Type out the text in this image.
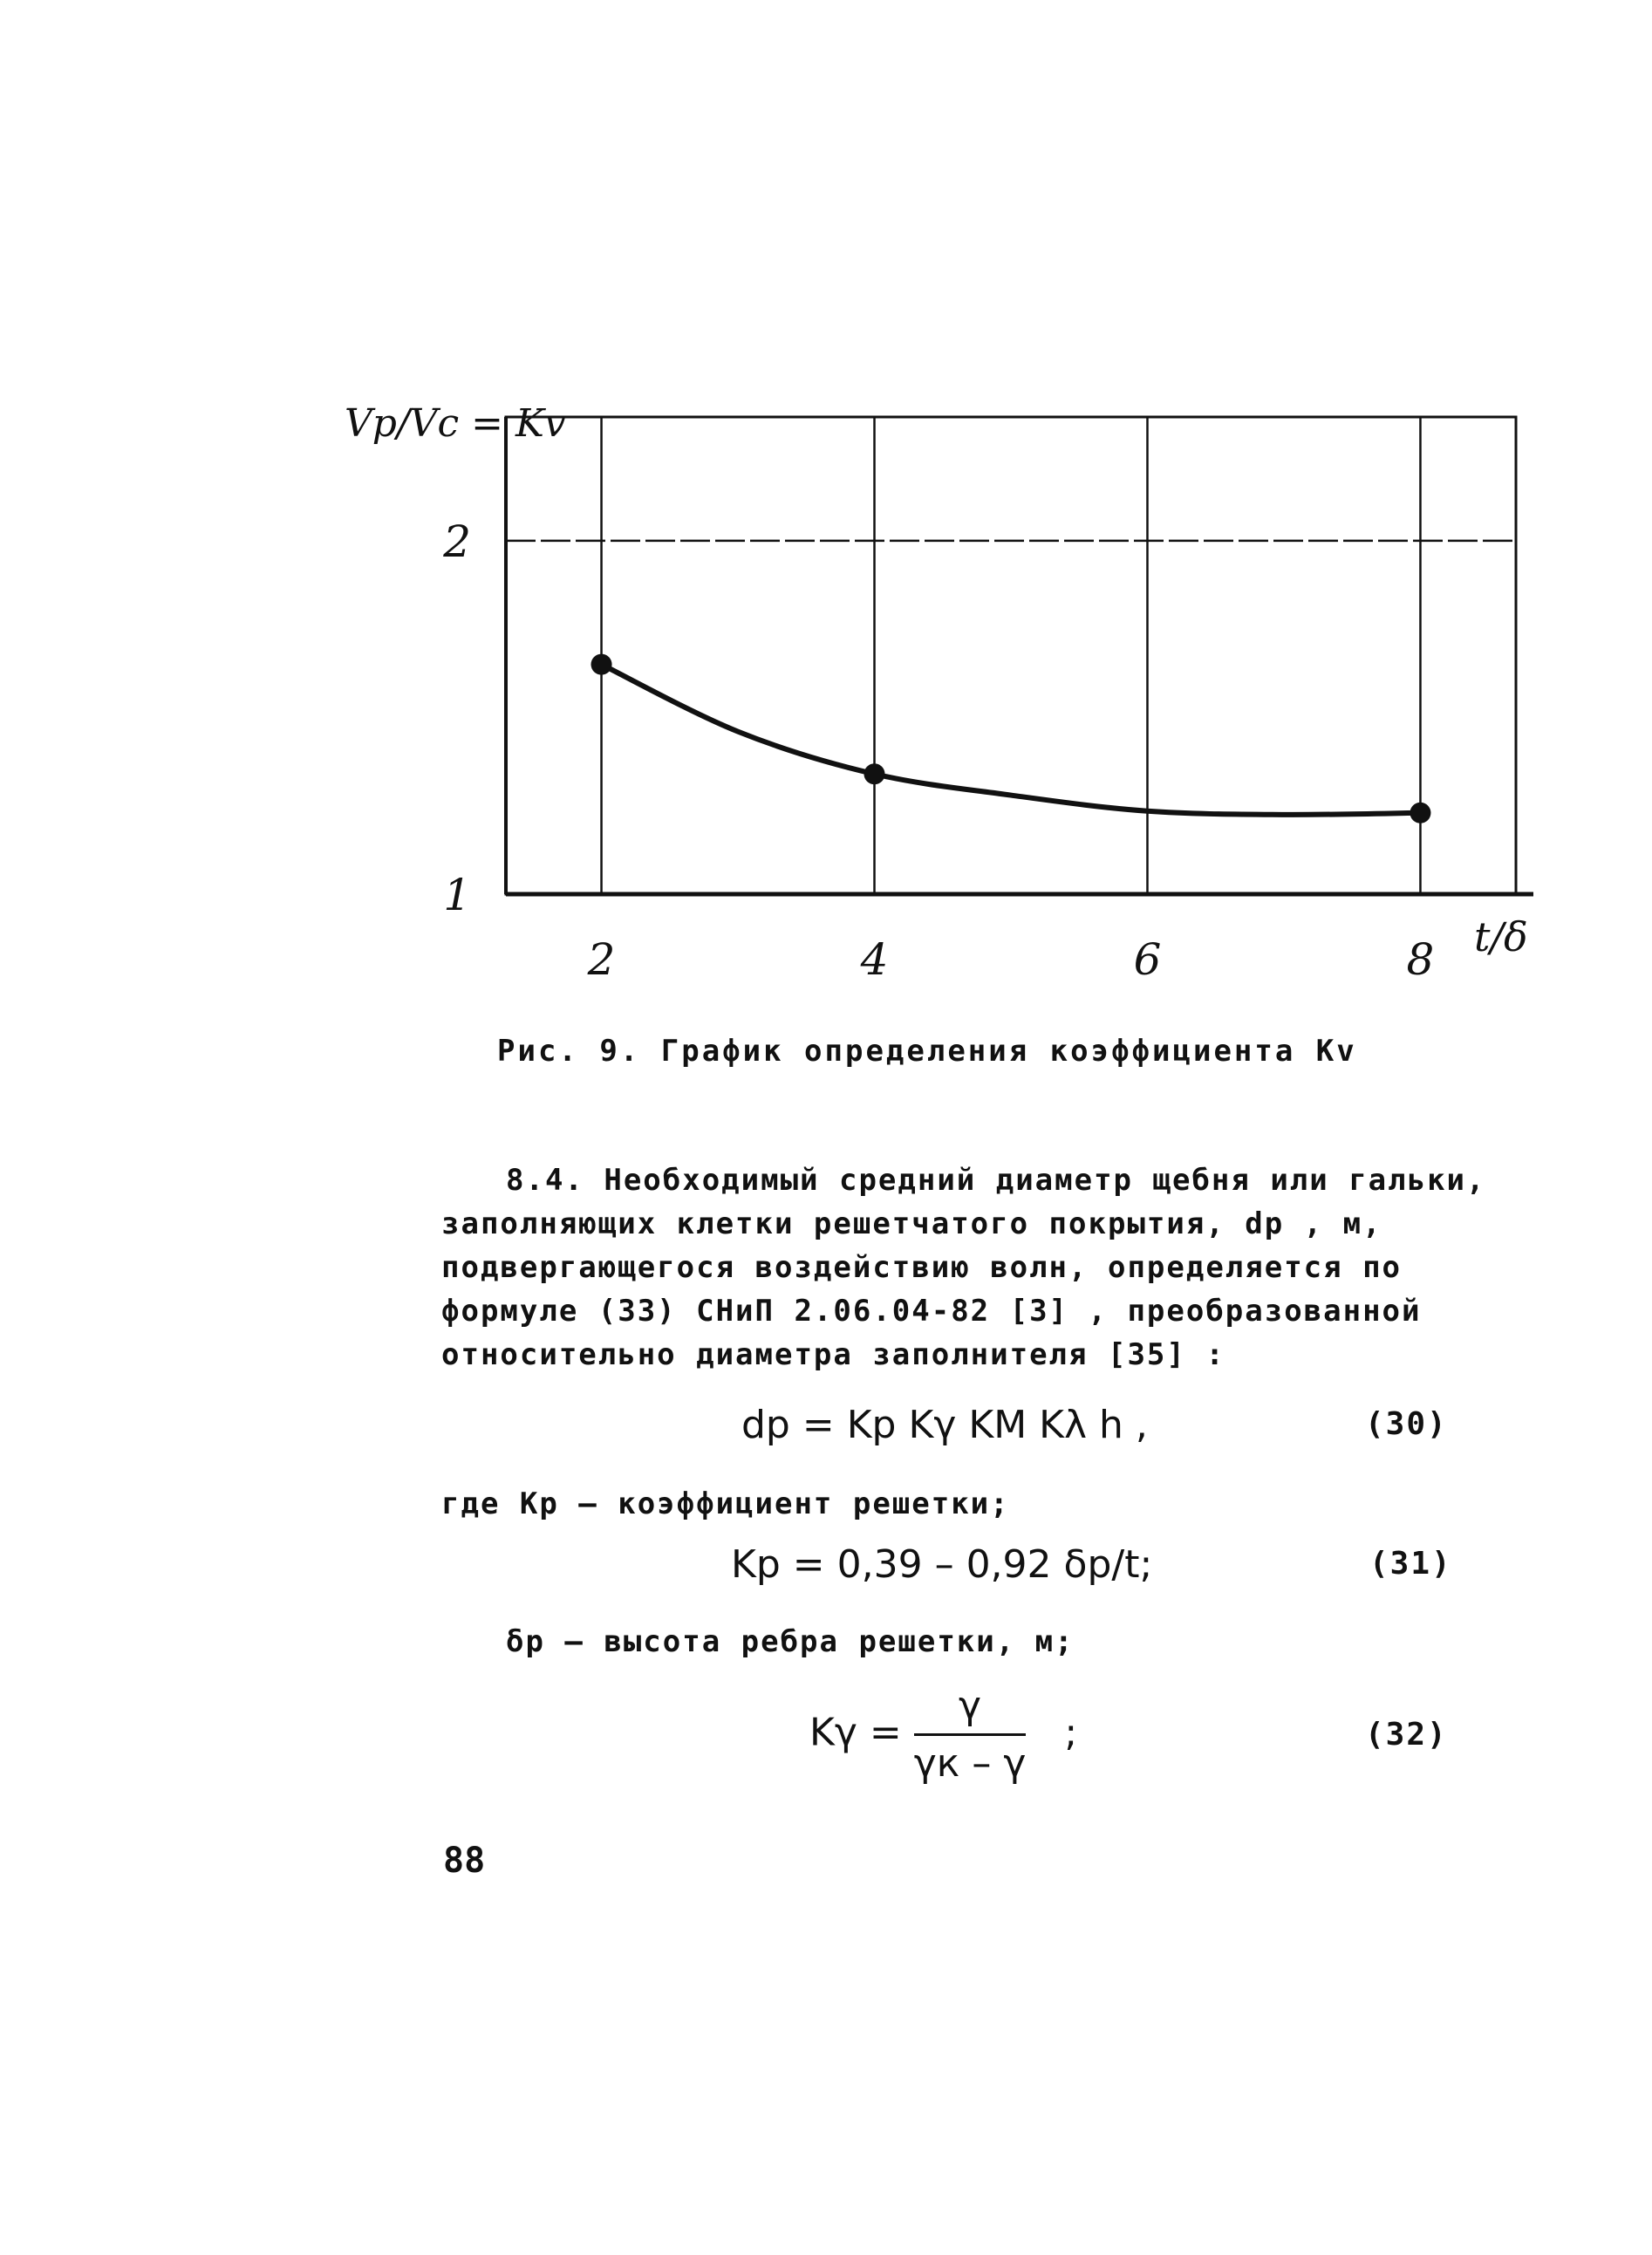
2	4	6	8
1
2
Vp/Vc = Kv
t/δ
Рис. 9. График определения коэффициента Kv
8.4. Необходимый средний диаметр щебня или гальки, заполняющих клетки решетчатого покрытия, dр , м, подвергающегося воздействию волн, определяется по формуле (33) СНиП 2.06.04-82 [3] , преобразованной относительно диаметра заполнителя [35] :
dр = Kр Kγ KM Kλ h ,	(30)
где Kр – коэффициент решетки;
Kр = 0,39 – 0,92 δр/t;	(31)
δр – высота ребра решетки, м;
$K\gamma = \frac{\gamma}{\gamma к - \gamma}$ ;	(32)
88
